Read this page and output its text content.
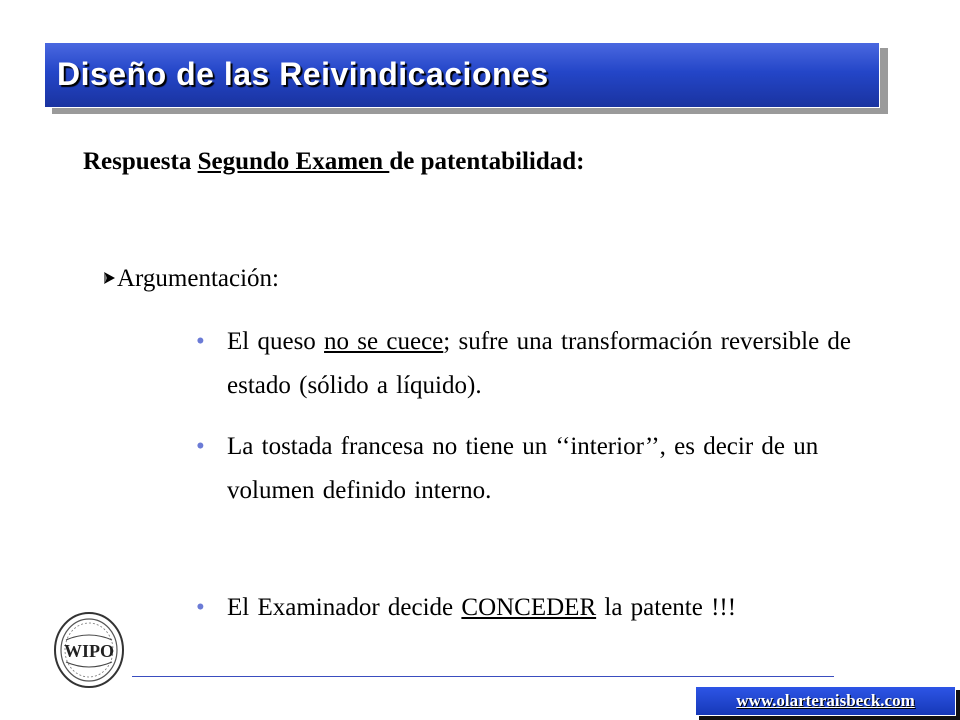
Diseño de las Reivindicaciones
Respuesta Segundo Examen de patentabilidad:
Argumentación:
• El queso no se cuece; sufre una transformación reversible de estado (sólido a líquido).
• La tostada francesa no tiene un ‘‘interior’’, es decir de un volumen definido interno.
• El Examinador decide CONCEDER la patente !!!
WIPO

www.olarteraisbeck.com
